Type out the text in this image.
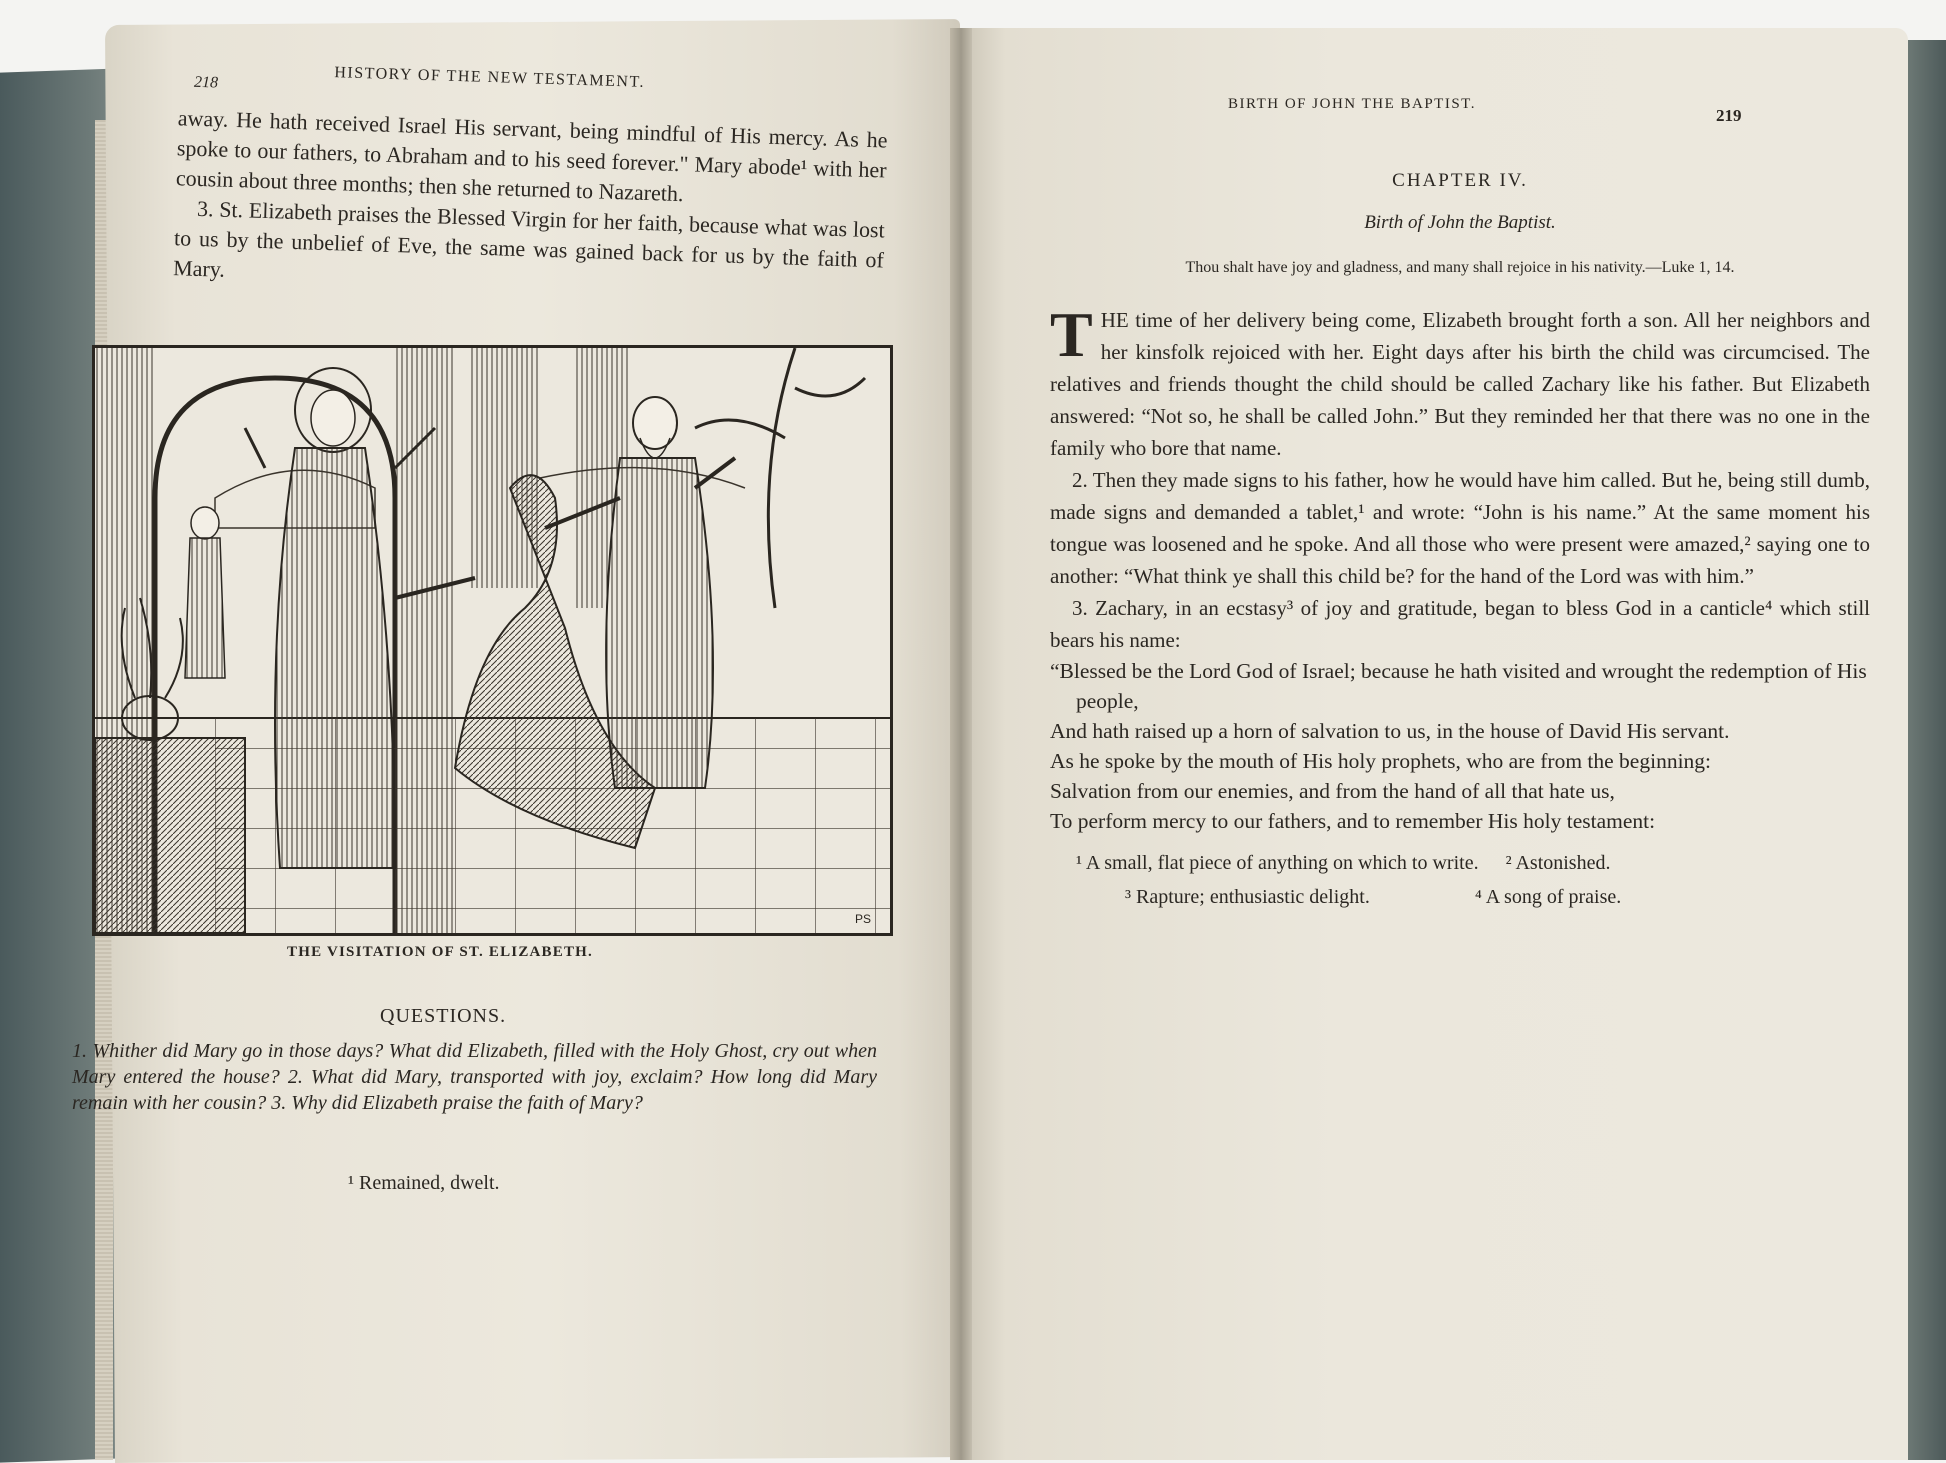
218	HISTORY OF THE NEW TESTAMENT.

away. He hath received Israel His servant, being mindful of His mercy. As he spoke to our fathers, to Abraham and to his seed forever." Mary abode¹ with her cousin about three months; then she returned to Nazareth.

3. St. Elizabeth praises the Blessed Virgin for her faith, because what was lost to us by the unbelief of Eve, the same was gained back for us by the faith of Mary.

PS
THE VISITATION OF ST. ELIZABETH.
QUESTIONS.
1. Whither did Mary go in those days? What did Elizabeth, filled with the Holy Ghost, cry out when Mary entered the house? 2. What did Mary, transported with joy, exclaim? How long did Mary remain with her cousin? 3. Why did Elizabeth praise the faith of Mary?
¹ Remained, dwelt.
BIRTH OF JOHN THE BAPTIST.
219
CHAPTER IV.
Birth of John the Baptist.
Thou shalt have joy and gladness, and many shall rejoice in his nativity.—Luke 1, 14.

THE time of her delivery being come, Elizabeth brought forth a son. All her neighbors and her kinsfolk rejoiced with her. Eight days after his birth the child was circumcised. The relatives and friends thought the child should be called Zachary like his father. But Elizabeth answered: “Not so, he shall be called John.” But they reminded her that there was no one in the family who bore that name.

2. Then they made signs to his father, how he would have him called. But he, being still dumb, made signs and demanded a tablet,¹ and wrote: “John is his name.” At the same moment his tongue was loosened and he spoke. And all those who were present were amazed,² saying one to another: “What think ye shall this child be? for the hand of the Lord was with him.”

3. Zachary, in an ecstasy³ of joy and gratitude, began to bless God in a canticle⁴ which still bears his name:

“Blessed be the Lord God of Israel; because he hath visited and wrought the redemption of His people,

And hath raised up a horn of salvation to us, in the house of David His servant.

As he spoke by the mouth of His holy prophets, who are from the beginning:

Salvation from our enemies, and from the hand of all that hate us,

To perform mercy to our fathers, and to remember His holy testament:

¹ A small, flat piece of anything on which to write. ² Astonished.
³ Rapture; enthusiastic delight.	⁴ A song of praise.
